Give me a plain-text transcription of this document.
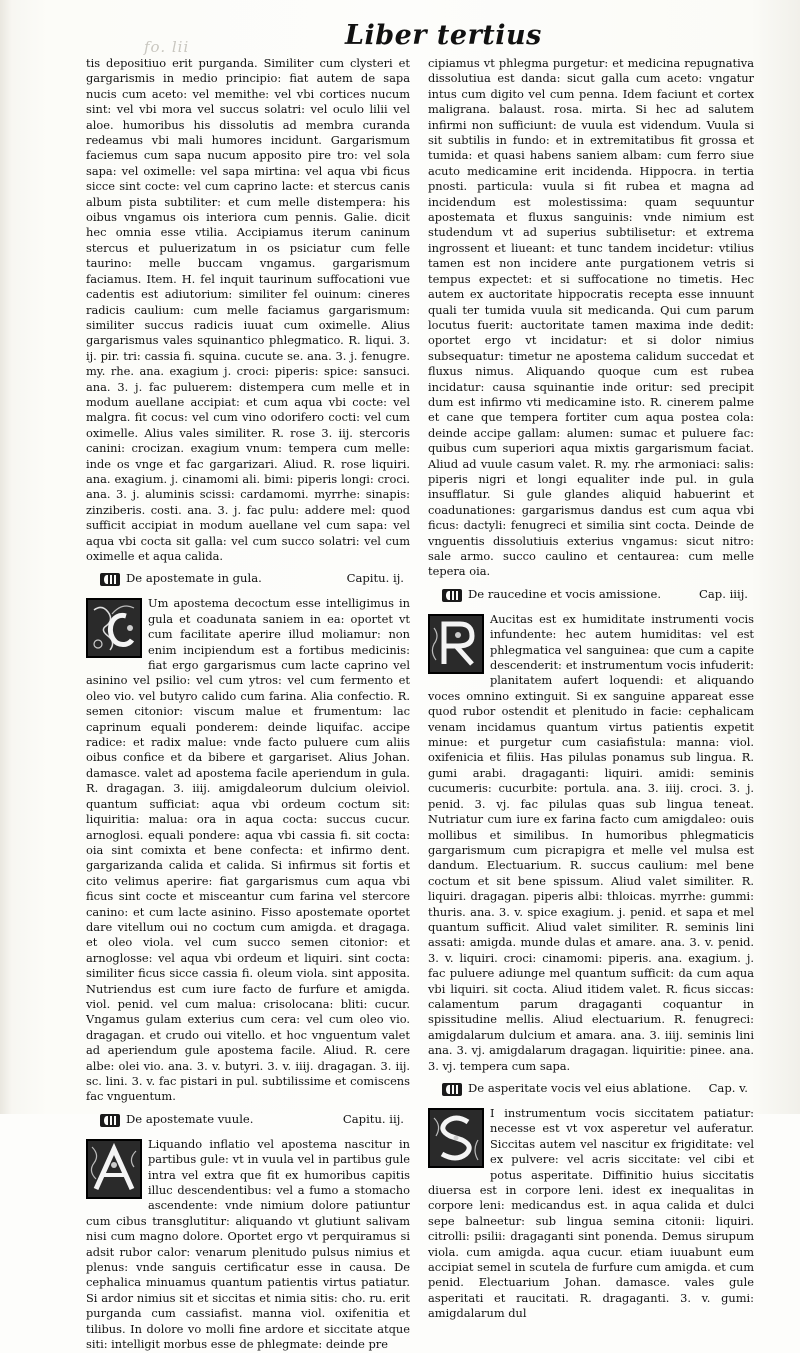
fo. lii	Liber tertius

tis depositiuo erit purganda. Similiter cum clysteri et gargarismis in medio principio: fiat autem de sapa nucis cum aceto: vel memithe: vel vbi cortices nucum sint: vel vbi mora vel succus solatri: vel oculo lilii vel aloe. humoribus his dissolutis ad membra curanda redeamus vbi mali humores incidunt. Gargarismum faciemus cum sapa nucum apposito pire tro: vel sola sapa: vel oximelle: vel sapa mirtina: vel aqua vbi ficus sicce sint cocte: vel cum caprino lacte: et stercus canis album pista subtiliter: et cum melle distempera: his oibus vngamus ois interiora cum pennis. Galie. dicit hec omnia esse vtilia. Accipiamus iterum caninum stercus et puluerizatum in os psiciatur cum felle taurino: melle buccam vngamus. gargarismum faciamus. Item. H. fel inquit taurinum suffocationi vue cadentis est adiutorium: similiter fel ouinum: cineres radicis caulium: cum melle faciamus gargarismum: similiter succus radicis iuuat cum oximelle. Alius gargarismus vales squinantico phlegmatico. R. liqui. 3. ij. pir. tri: cassia fi. squina. cucute se. ana. 3. j. fenugre. my. rhe. ana. exagium j. croci: piperis: spice: sansuci. ana. 3. j. fac puluerem: distempera cum melle et in modum auellane accipiat: et cum aqua vbi cocte: vel malgra. fit cocus: vel cum vino odorifero cocti: vel cum oximelle. Alius vales similiter. R. rose 3. iij. stercoris canini: crocizan. exagium vnum: tempera cum melle: inde os vnge et fac gargarizari. Aliud. R. rose liquiri. ana. exagium. j. cinamomi ali. bimi: piperis longi: croci. ana. 3. j. aluminis scissi: cardamomi. myrrhe: sinapis: zinziberis. costi. ana. 3. j. fac pulu: addere mel: quod sufficit accipiat in modum auellane vel cum sapa: vel aqua vbi cocta sit galla: vel cum succo solatri: vel cum oximelle et aqua calida.

De apostemate in gula.	Capitu. ij.

Um apostema decoctum esse intelligimus in gula et coadunata saniem in ea: oportet vt cum facilitate aperire illud moliamur: non enim incipiendum est a fortibus medicinis: fiat ergo gargarismus cum lacte caprino vel asinino vel psilio: vel cum ytros: vel cum fermento et oleo vio. vel butyro calido cum farina. Alia confectio. R. semen citonior: viscum malue et frumentum: lac caprinum equali ponderem: deinde liquifac. accipe radice: et radix malue: vnde facto puluere cum aliis oibus confice et da bibere et gargariset. Alius Johan. damasce. valet ad apostema facile aperiendum in gula. R. dragagan. 3. iiij. amigdaleorum dulcium oleiviol. quantum sufficiat: aqua vbi ordeum coctum sit: liquiritia: malua: ora in aqua cocta: succus cucur. arnoglosi. equali pondere: aqua vbi cassia fi. sit cocta: oia sint comixta et bene confecta: et infirmo dent. gargarizanda calida et calida. Si infirmus sit fortis et cito velimus aperire: fiat gargarismus cum aqua vbi ficus sint cocte et misceantur cum farina vel stercore canino: et cum lacte asinino. Fisso apostemate oportet dare vitellum oui no coctum cum amigda. et dragaga. et oleo viola. vel cum succo semen citonior: et arnoglosse: vel aqua vbi ordeum et liquiri. sint cocta: similiter ficus sicce cassia fi. oleum viola. sint apposita. Nutriendus est cum iure facto de furfure et amigda. viol. penid. vel cum malua: crisolocana: bliti: cucur. Vngamus gulam exterius cum cera: vel cum oleo vio. dragagan. et crudo oui vitello. et hoc vnguentum valet ad aperiendum gule apostema facile. Aliud. R. cere albe: olei vio. ana. 3. v. butyri. 3. v. iiij. dragagan. 3. iij. sc. lini. 3. v. fac pistari in pul. subtilissime et comiscens fac vnguentum.

De apostemate vuule.	Capitu. iij.

Liquando inflatio vel apostema nascitur in partibus gule: vt in vuula vel in partibus gule intra vel extra que fit ex humoribus capitis illuc descendentibus: vel a fumo a stomacho ascendente: vnde nimium dolore patiuntur cum cibus transglutitur: aliquando vt glutiunt salivam nisi cum magno dolore. Oportet ergo vt perquiramus si adsit rubor calor: venarum plenitudo pulsus nimius et plenus: vnde sanguis certificatur esse in causa. De cephalica minuamus quantum patientis virtus patiatur. Si ardor nimius sit et siccitas et nimia sitis: cho. ru. erit purganda cum cassiafist. manna viol. oxifenitia et tilibus. In dolore vo molli fine ardore et siccitate atque siti: intelligit morbus esse de phlegmate: deinde pre

cipiamus vt phlegma purgetur: et medicina repugnativa dissolutiua est danda: sicut galla cum aceto: vngatur intus cum digito vel cum penna. Idem faciunt et cortex maligrana. balaust. rosa. mirta. Si hec ad salutem infirmi non sufficiunt: de vuula est videndum. Vuula si sit subtilis in fundo: et in extremitatibus fit grossa et tumida: et quasi habens saniem albam: cum ferro siue acuto medicamine erit incidenda. Hippocra. in tertia pnosti. particula: vuula si fit rubea et magna ad incidendum est molestissima: quam sequuntur apostemata et fluxus sanguinis: vnde nimium est studendum vt ad superius subtilisetur: et extrema ingrossent et liueant: et tunc tandem incidetur: vtilius tamen est non incidere ante purgationem vetris si tempus expectet: et si suffocatione no timetis. Hec autem ex auctoritate hippocratis recepta esse innuunt quali ter tumida vuula sit medicanda. Qui cum parum locutus fuerit: auctoritate tamen maxima inde dedit: oportet ergo vt incidatur: et si dolor nimius subsequatur: timetur ne apostema calidum succedat et fluxus nimus. Aliquando quoque cum est rubea incidatur: causa squinantie inde oritur: sed precipit dum est infirmo vti medicamine isto. R. cinerem palme et cane que tempera fortiter cum aqua postea cola: deinde accipe gallam: alumen: sumac et puluere fac: quibus cum superiori aqua mixtis gargarismum faciat. Aliud ad vuule casum valet. R. my. rhe armoniaci: salis: piperis nigri et longi equaliter inde pul. in gula insufflatur. Si gule glandes aliquid habuerint et coadunationes: gargarismus dandus est cum aqua vbi ficus: dactyli: fenugreci et similia sint cocta. Deinde de vnguentis dissolutiuis exterius vngamus: sicut nitro: sale armo. succo caulino et centaurea: cum melle tepera oia.

De raucedine et vocis amissione.	Cap. iiij.

Aucitas est ex humiditate instrumenti vocis infundente: hec autem humiditas: vel est phlegmatica vel sanguinea: que cum a capite descenderit: et instrumentum vocis infuderit: planitatem aufert loquendi: et aliquando voces omnino extinguit. Si ex sanguine appareat esse quod rubor ostendit et plenitudo in facie: cephalicam venam incidamus quantum virtus patientis expetit minue: et purgetur cum casiafistula: manna: viol. oxifenicia et filiis. Has pilulas ponamus sub lingua. R. gumi arabi. dragaganti: liquiri. amidi: seminis cucumeris: cucurbite: portula. ana. 3. iiij. croci. 3. j. penid. 3. vj. fac pilulas quas sub lingua teneat. Nutriatur cum iure ex farina facto cum amigdaleo: ouis mollibus et similibus. In humoribus phlegmaticis gargarismum cum picrapigra et melle vel mulsa est dandum. Electuarium. R. succus caulium: mel bene coctum et sit bene spissum. Aliud valet similiter. R. liquiri. dragagan. piperis albi: thloicas. myrrhe: gummi: thuris. ana. 3. v. spice exagium. j. penid. et sapa et mel quantum sufficit. Aliud valet similiter. R. seminis lini assati: amigda. munde dulas et amare. ana. 3. v. penid. 3. v. liquiri. croci: cinamomi: piperis. ana. exagium. j. fac puluere adiunge mel quantum sufficit: da cum aqua vbi liquiri. sit cocta. Aliud itidem valet. R. ficus siccas: calamentum parum dragaganti coquantur in spissitudine mellis. Aliud electuarium. R. fenugreci: amigdalarum dulcium et amara. ana. 3. iiij. seminis lini ana. 3. vj. amigdalarum dragagan. liquiritie: pinee. ana. 3. vj. tempera cum sapa.

De asperitate vocis vel eius ablatione. Cap. v.

I instrumentum vocis siccitatem patiatur: necesse est vt vox asperetur vel auferatur. Siccitas autem vel nascitur ex frigiditate: vel ex pulvere: vel acris siccitate: vel cibi et potus asperitate. Diffinitio huius siccitatis diuersa est in corpore leni. idest ex inequalitas in corpore leni: medicandus est. in aqua calida et dulci sepe balneetur: sub lingua semina citonii: liquiri. citrolli: psilii: dragaganti sint ponenda. Demus sirupum viola. cum amigda. aqua cucur. etiam iuuabunt eum accipiat semel in scutela de furfure cum amigda. et cum penid. Electuarium Johan. damasce. vales gule asperitati et raucitati. R. dragaganti. 3. v. gumi: amigdalarum dul
